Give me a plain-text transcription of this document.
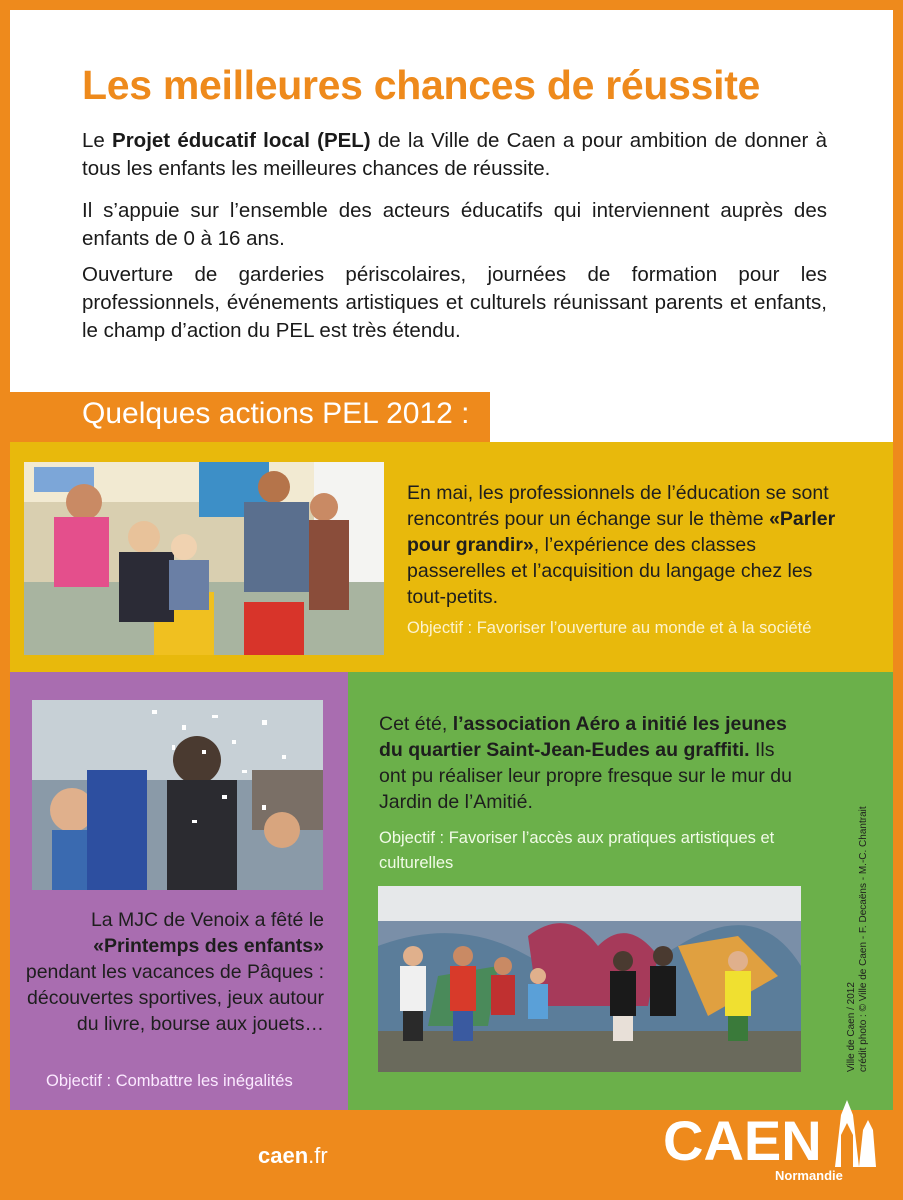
Les meilleures chances de réussite
Le Projet éducatif local (PEL) de la Ville de Caen a pour ambition de donner à tous les enfants les meilleures chances de réussite.
Il s’appuie sur l’ensemble des acteurs éducatifs qui interviennent auprès des enfants de 0 à 16 ans.
Ouverture de garderies périscolaires, journées de formation pour les professionnels, événements artistiques et culturels réunissant parents et enfants, le champ d’action du PEL est très étendu.
Quelques actions PEL 2012 :
En mai, les professionnels de l’éducation se sont rencontrés pour un échange sur le thème «Parler pour grandir», l’expérience des classes passerelles et l’acquisition du langage chez les tout-petits.
Objectif : Favoriser l’ouverture au monde et à la société
La MJC de Venoix a fêté le «Printemps des enfants» pendant les vacances de Pâques : découvertes sportives, jeux autour du livre, bourse aux jouets…
Objectif : Combattre les inégalités
Cet été, l’association Aéro a initié les jeunes du quartier Saint-Jean-Eudes au graffiti. Ils ont pu réaliser leur propre fresque sur le mur du Jardin de l’Amitié.
Objectif : Favoriser l’accès aux pratiques artistiques et culturelles
Ville de Caen / 2012 crédit photo : © Ville de Caen - F. Decaëns - M.-C. Chantrait
caen.fr	CAEN
Normandie
